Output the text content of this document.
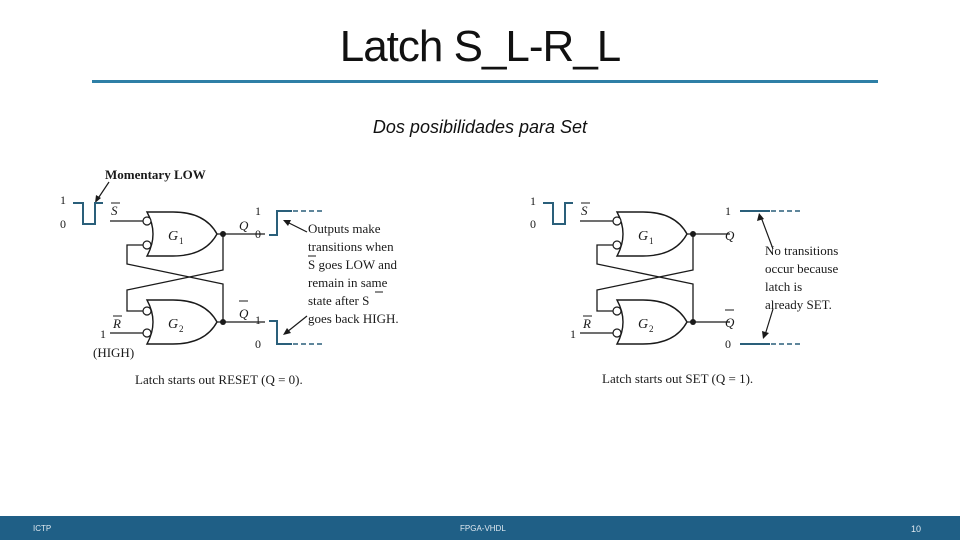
Latch S_L-R_L
Dos posibilidades para Set
Momentary LOW
1
0
S
G 1
G 2
R
1
(HIGH)
Q
1
0
Q 1
0
Outputs make
transitions when
S goes LOW and
remain in same
state after S
goes back HIGH.
Latch starts out RESET (Q = 0).
1
0
S
G 1
G 2
R
1
Q
1
Q
0
No transitions
occur because
latch is
already SET.
Latch starts out SET (Q = 1).
ICTP	FPGA-VHDL	10
